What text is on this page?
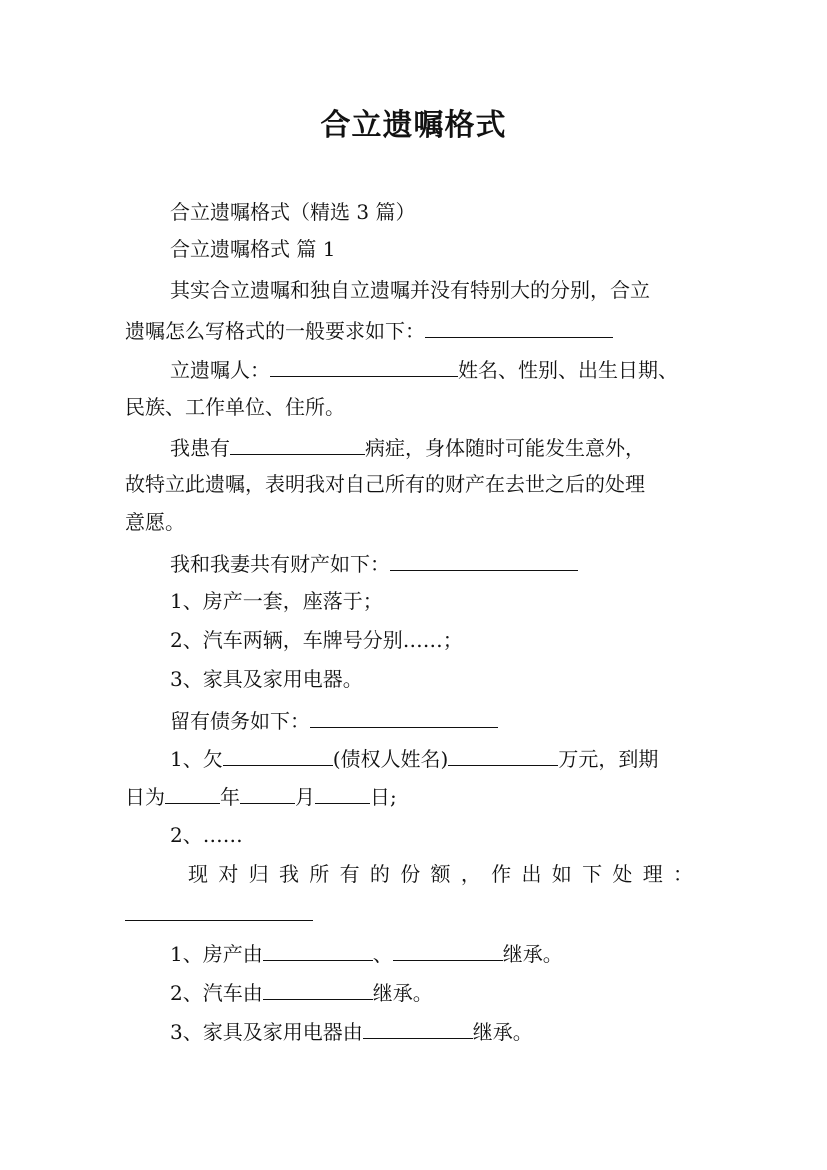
合立遗嘱格式
合立遗嘱格式（精选 3 篇）
合立遗嘱格式 篇 1
其实合立遗嘱和独自立遗嘱并没有特别大的分别，合立
遗嘱怎么写格式的一般要求如下：
立遗嘱人：	姓名、性别、出生日期、
民族、工作单位、住所。
我患有	病症，身体随时可能发生意外，
故特立此遗嘱，表明我对自己所有的财产在去世之后的处理
意愿。
我和我妻共有财产如下：
1、房产一套，座落于；
2、汽车两辆，车牌号分别……；
3、家具及家用电器。
留有债务如下：
1、欠	(债权人姓名)	万元，到期
日为	年	月	日;
2、……
现 对 归 我 所 有 的 份 额 ， 作 出 如 下 处 理 ：
1、房产由	、	继承。
2、汽车由	继承。
3、家具及家用电器由	继承。
